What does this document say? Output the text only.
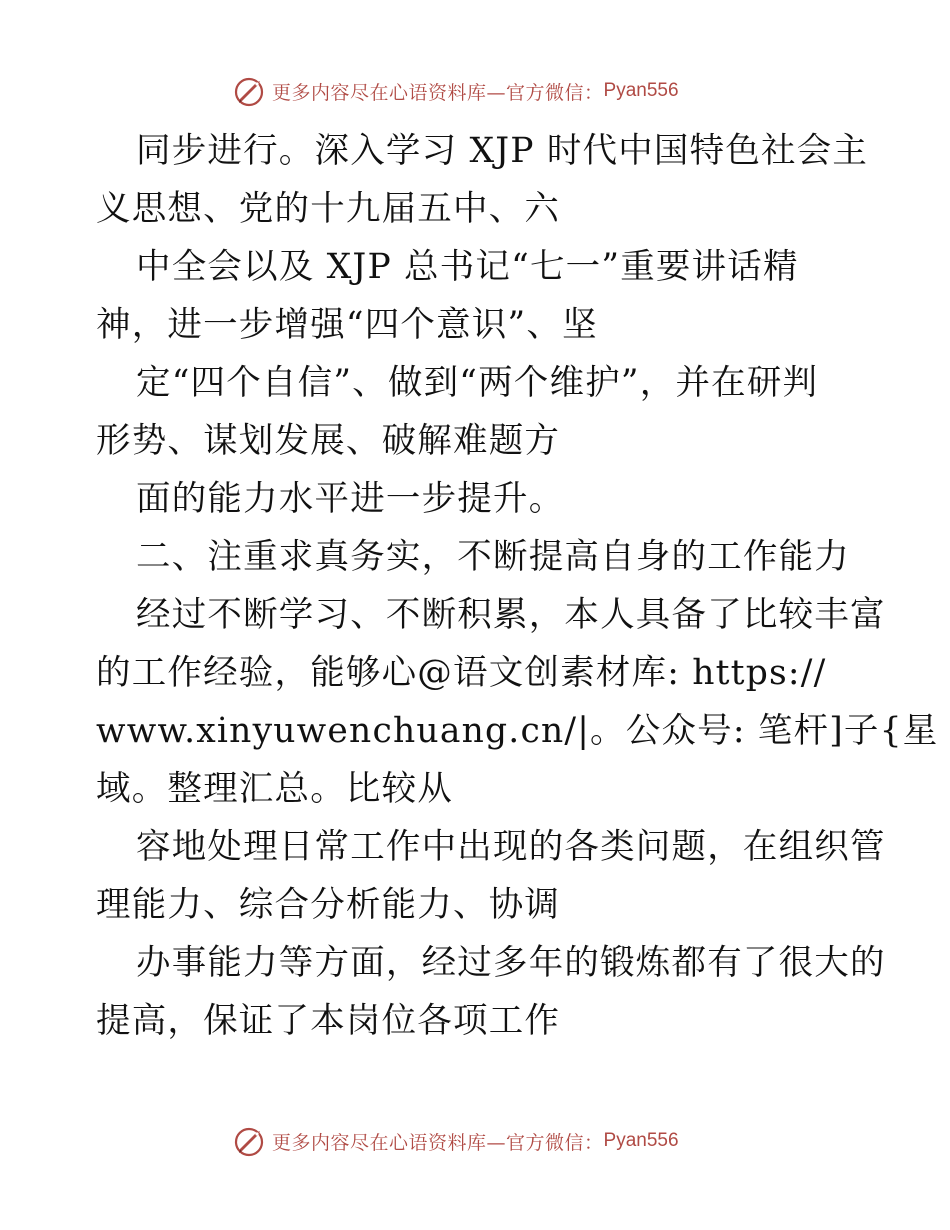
更多内容尽在心语资料库—官方微信： Pyan556
同步进行。深入学习 XJP 时代中国特色社会主
义思想、党的十九届五中、六
中全会以及 XJP 总书记“七一”重要讲话精
神，进一步增强“四个意识”、坚
定“四个自信”、做到“两个维护”，并在研判
形势、谋划发展、破解难题方
面的能力水平进一步提升。
二、注重求真务实，不断提高自身的工作能力
经过不断学习、不断积累，本人具备了比较丰富
的工作经验，能够心@语文创素材库: https://
www.xinyuwenchuang.cn/|。公众号: 笔杆]子{星
域。整理汇总。比较从
容地处理日常工作中出现的各类问题，在组织管
理能力、综合分析能力、协调
办事能力等方面，经过多年的锻炼都有了很大的
提高，保证了本岗位各项工作
更多内容尽在心语资料库—官方微信： Pyan556
